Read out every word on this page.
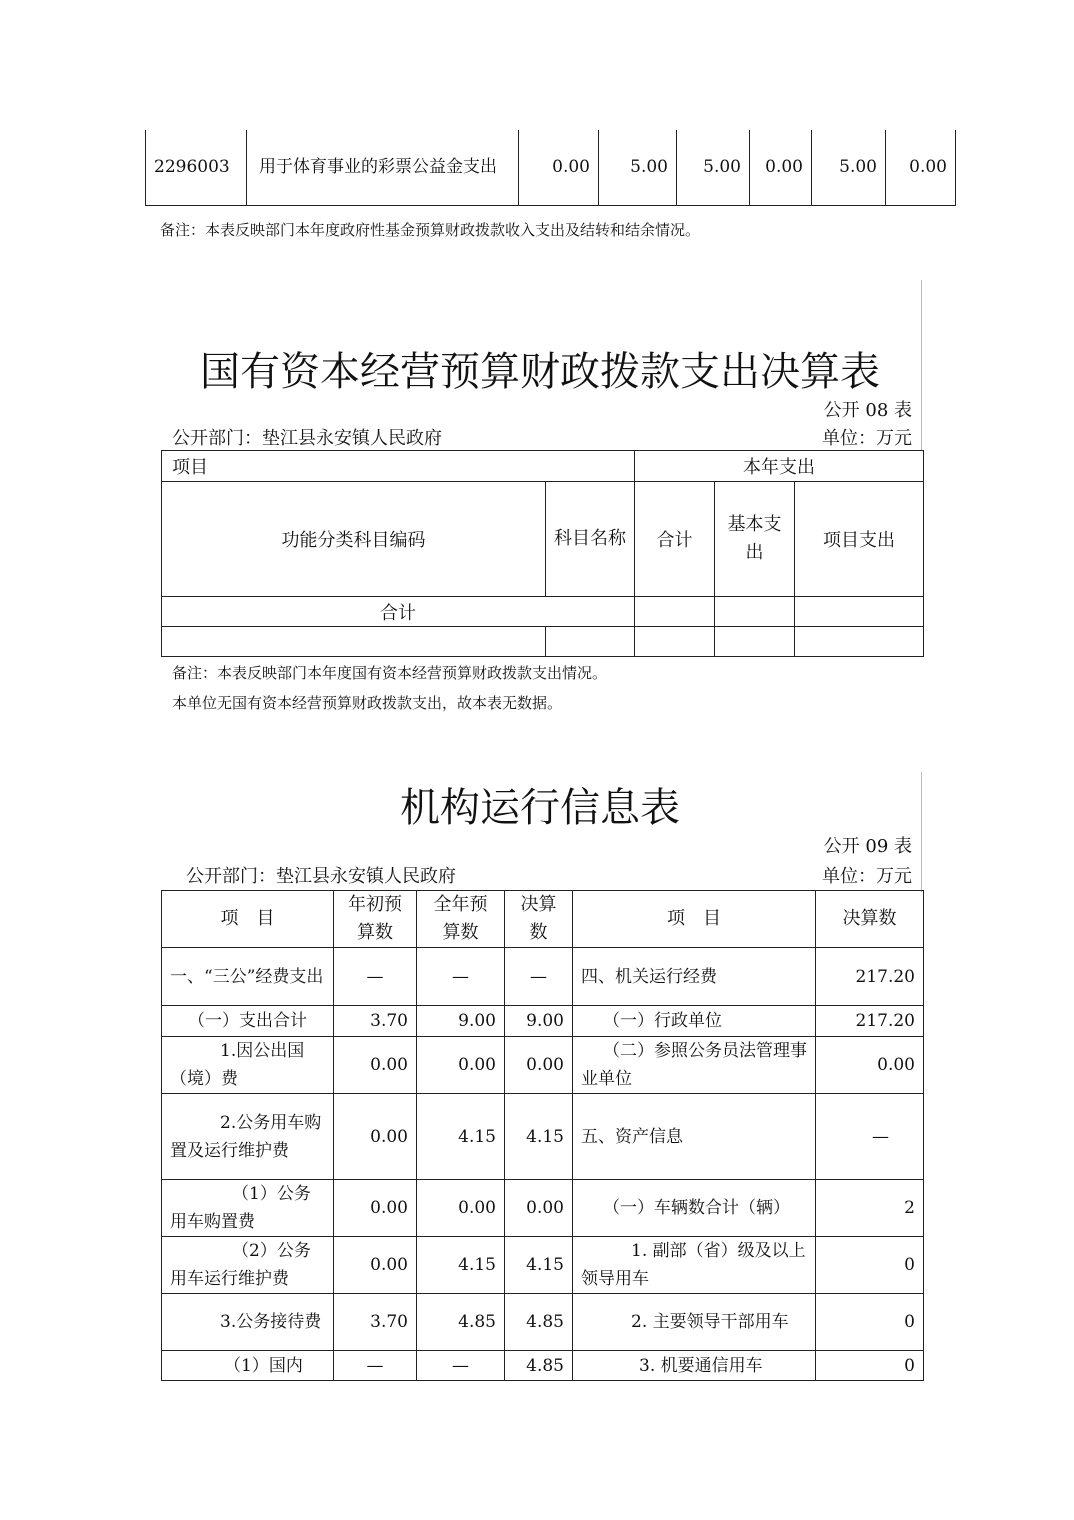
2296003	用于体育事业的彩票公益金支出	0.00	5.00	5.00	0.00	5.00	0.00
备注：本表反映部门本年度政府性基金预算财政拨款收入支出及结转和结余情况。
国有资本经营预算财政拨款支出决算表
公开 08 表
公开部门：垫江县永安镇人民政府	单位：万元
项目		本年支出		
功能分类科目编码	科目名称	合计	基本支出	项目支出
合计				

备注：本表反映部门本年度国有资本经营预算财政拨款支出情况。
本单位无国有资本经营预算财政拨款支出，故本表无数据。
机构运行信息表
公开 09 表
公开部门：垫江县永安镇人民政府	单位：万元
项　目	年初预算数	全年预算数	决算数	项　目	决算数
一、“三公”经费支出	—	—	—	四、机关运行经费	217.20
（一）支出合计	3.70	9.00	9.00	（一）行政单位	217.20
1.因公出国（境）费	0.00	0.00	0.00	（二）参照公务员法管理事业单位	0.00
2.公务用车购置及运行维护费	0.00	4.15	4.15	五、资产信息	—
（1）公务用车购置费	0.00	0.00	0.00	（一）车辆数合计（辆）	2
（2）公务用车运行维护费	0.00	4.15	4.15	1. 副部（省）级及以上领导用车	0
3.公务接待费	3.70	4.85	4.85	2. 主要领导干部用车	0
（1）国内	—	—	4.85	3. 机要通信用车	0
